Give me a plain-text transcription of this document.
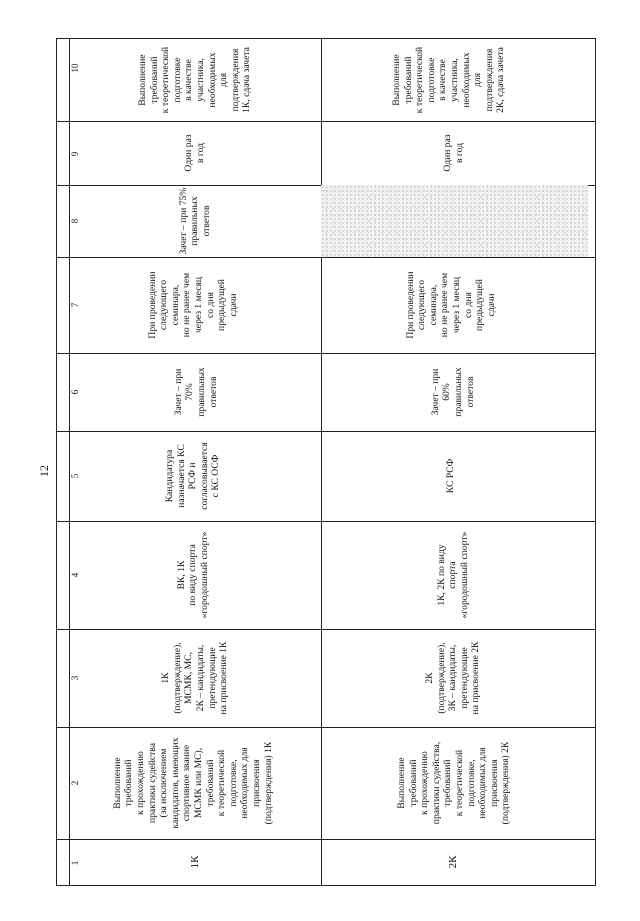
12
10
9
8
7
6
5
4
3
2
1
Выполнение
требований
к теоретической
подготовке
в качестве
участника,
необходимых
для
подтверждения
1К, сдача зачета
Один раз
в год
Зачет – при 75%
правильных
ответов
При проведении
следующего
семинара,
но не ранее чем
через 1 месяц
со дня
предыдущей
сдачи
Зачет – при
70%
правильных
ответов
Кандидатура
назначается КС
РСФ и
согласовывается
с КС ОСФ
ВК, 1К
по виду спорта
«городошный спорт»
1К
(подтверждение),
МСМК, МС,
2К – кандидаты,
претендующие
на присвоение 1К
Выполнение
требований
к прохождению
практики судейства
(за исключением
кандидатов, имеющих
спортивное звание
МСМК или МС),
требований
к теоретической
подготовке,
необходимых для
присвоения
(подтверждения) 1К
1К
Выполнение
требований
к теоретической
подготовке
в качестве
участника,
необходимых
для
подтверждения
2К, сдача зачета
Один раз
в год
При проведении
следующего
семинара,
но не ранее чем
через 1 месяц
со дня
предыдущей
сдачи
Зачет – при
60%
правильных
ответов
КС РСФ
1К, 2К по виду
спорта
«городошный спорт»
2К
(подтверждение),
3К – кандидаты,
претендующие
на присвоение 2К
Выполнение
требований
к прохождению
практики судейства,
требований
к теоретической
подготовке,
необходимых для
присвоения
(подтверждения) 2К
2К
